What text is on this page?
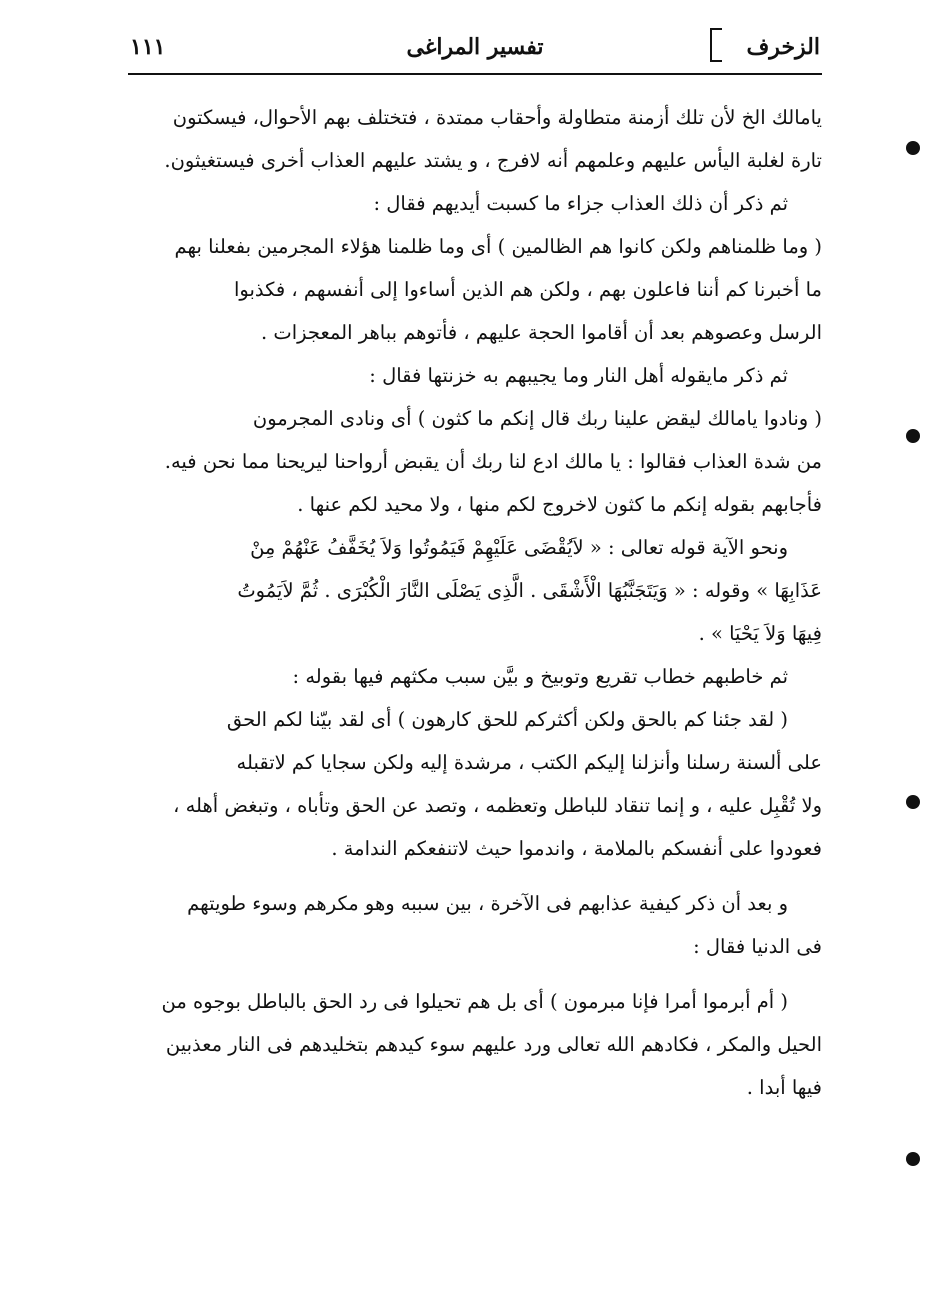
الزخرف
تفسير المراغى
١١١
يامالك الخ لأن تلك أزمنة متطاولة وأحقاب ممتدة ، فتختلف بهم الأحوال، فيسكتون
تارة لغلبة اليأس عليهم وعلمهم أنه لافرج ، و يشتد عليهم العذاب أخرى فيستغيثون.
ثم ذكر أن ذلك العذاب جزاء ما كسبت أيديهم فقال :
( وما ظلمناهم ولكن كانوا هم الظالمين ) أى وما ظلمنا هؤلاء المجرمين بفعلنا بهم
ما أخبرنا كم أننا فاعلون بهم ، ولكن هم الذين أساءوا إلى أنفسهم ، فكذبوا
الرسل وعصوهم بعد أن أقاموا الحجة عليهم ، فأتوهم بباهر المعجزات .
ثم ذكر مايقوله أهل النار وما يجيبهم به خزنتها فقال :
( ونادوا يامالك ليقض علينا ربك قال إنكم ما كثون ) أى ونادى المجرمون
من شدة العذاب فقالوا : يا مالك ادع لنا ربك أن يقبض أرواحنا ليريحنا مما نحن فيه.
فأجابهم بقوله إنكم ما كثون لاخروج لكم منها ، ولا محيد لكم عنها .
ونحو الآية قوله تعالى : « لاَيُقْضَى عَلَيْهِمْ فَيَمُوتُوا وَلاَ يُخَفَّفُ عَنْهُمْ مِنْ
عَذَابِهَا » وقوله : « وَيَتَجَنَّبُهَا الْأَشْقَى . الَّذِى يَصْلَى النَّارَ الْكُبْرَى . ثُمَّ لاَيَمُوتُ
فِيهَا وَلاَ يَحْيَا » .
ثم خاطبهم خطاب تقريع وتوبيخ و بيَّن سبب مكثهم فيها بقوله :
( لقد جئنا كم بالحق ولكن أكثركم للحق كارهون ) أى لقد بيّنا لكم الحق
على ألسنة رسلنا وأنزلنا إليكم الكتب ، مرشدة إليه ولكن سجايا كم لاتقبله
ولا تُقْبِل عليه ، و إنما تنقاد للباطل وتعظمه ، وتصد عن الحق وتأباه ، وتبغض أهله ،
فعودوا على أنفسكم بالملامة ، واندموا حيث لاتنفعكم الندامة .
و بعد أن ذكر كيفية عذابهم فى الآخرة ، بين سببه وهو مكرهم وسوء طويتهم
فى الدنيا فقال :
( أم أبرموا أمرا فإنا مبرمون ) أى بل هم تحيلوا فى رد الحق بالباطل بوجوه من
الحيل والمكر ، فكادهم الله تعالى ورد عليهم سوء كيدهم بتخليدهم فى النار معذبين
فيها أبدا .
